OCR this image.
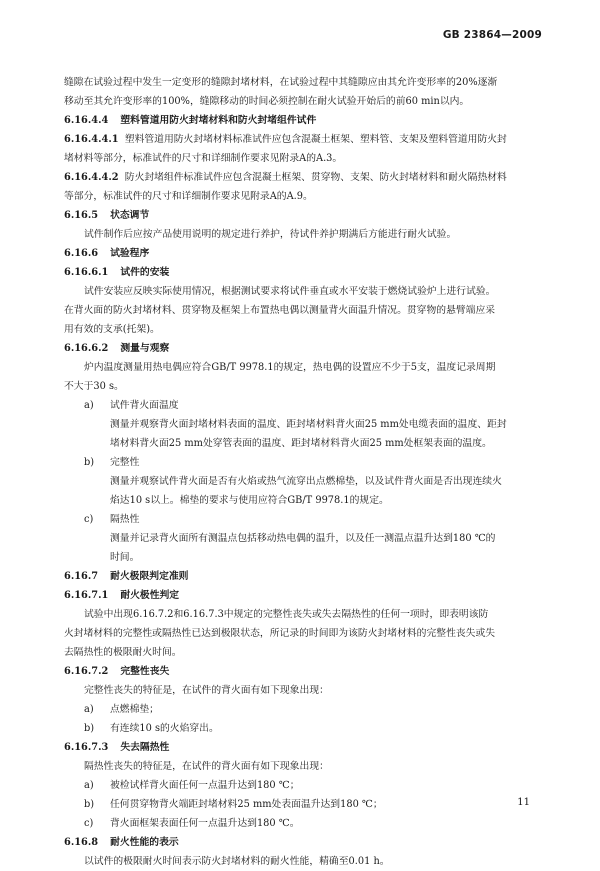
GB 23864—2009

缝隙在试验过程中发生一定变形的缝隙封堵材料，在试验过程中其缝隙应由其允许变形率的20%逐渐

移动至其允许变形率的100%，缝隙移动的时间必须控制在耐火试验开始后的前60 min以内。

6.16.4.4 塑料管道用防火封堵材料和防火封堵组件试件

6.16.4.4.1 塑料管道用防火封堵材料标准试件应包含混凝土框架、塑料管、支架及塑料管道用防火封

堵材料等部分，标准试件的尺寸和详细制作要求见附录A的A.3。

6.16.4.4.2 防火封堵组件标准试件应包含混凝土框架、贯穿物、支架、防火封堵材料和耐火隔热材料

等部分，标准试件的尺寸和详细制作要求见附录A的A.9。

6.16.5 状态调节

试件制作后应按产品使用说明的规定进行养护，待试件养护期满后方能进行耐火试验。

6.16.6 试验程序

6.16.6.1 试件的安装

试件安装应反映实际使用情况，根据测试要求将试件垂直或水平安装于燃烧试验炉上进行试验。

在背火面的防火封堵材料、贯穿物及框架上布置热电偶以测量背火面温升情况。贯穿物的悬臂端应采

用有效的支承(托架)。

6.16.6.2 测量与观察

炉内温度测量用热电偶应符合GB/T 9978.1的规定，热电偶的设置应不少于5支，温度记录周期

不大于30 s。

a)	试件背火面温度

测量并观察背火面封堵材料表面的温度、距封堵材料背火面25 mm处电缆表面的温度、距封

堵材料背火面25 mm处穿管表面的温度、距封堵材料背火面25 mm处框架表面的温度。

b)	完整性

测量并观察试件背火面是否有火焰或热气流穿出点燃棉垫，以及试件背火面是否出现连续火

焰达10 s以上。棉垫的要求与使用应符合GB/T 9978.1的规定。

c)	隔热性

测量并记录背火面所有测温点包括移动热电偶的温升，以及任一测温点温升达到180 ℃的

时间。

6.16.7 耐火极限判定准则

6.16.7.1 耐火极性判定

试验中出现6.16.7.2和6.16.7.3中规定的完整性丧失或失去隔热性的任何一项时，即表明该防

火封堵材料的完整性或隔热性已达到极限状态，所记录的时间即为该防火封堵材料的完整性丧失或失

去隔热性的极限耐火时间。

6.16.7.2 完整性丧失

完整性丧失的特征是，在试件的背火面有如下现象出现：

a)	点燃棉垫；

b)	有连续10 s的火焰穿出。

6.16.7.3 失去隔热性

隔热性丧失的特征是，在试件的背火面有如下现象出现：

a)	被检试样背火面任何一点温升达到180 ℃；

b)	任何贯穿物背火端距封堵材料25 mm处表面温升达到180 ℃；

c)	背火面框架表面任何一点温升达到180 ℃。

6.16.8 耐火性能的表示

以试件的极限耐火时间表示防火封堵材料的耐火性能，精确至0.01 h。

11
